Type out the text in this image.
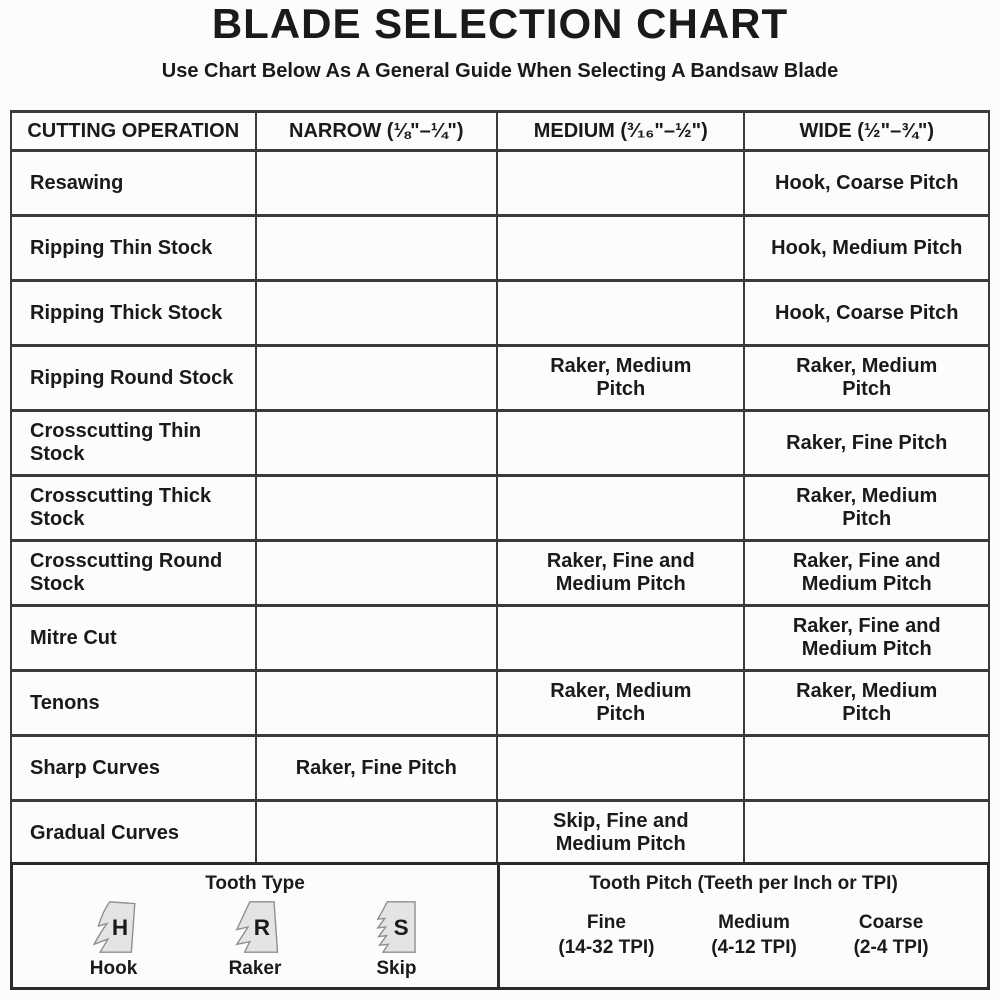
BLADE SELECTION CHART
Use Chart Below As A General Guide When Selecting A Bandsaw Blade
CUTTING OPERATION	NARROW (⅛"–¼")	MEDIUM (³⁄₁₆"–½")	WIDE (½"–¾")
Resawing			Hook, Coarse Pitch
Ripping Thin Stock			Hook, Medium Pitch
Ripping Thick Stock			Hook, Coarse Pitch
Ripping Round Stock		Raker, Medium Pitch	Raker, Medium Pitch
Crosscutting Thin Stock			Raker, Fine Pitch
Crosscutting Thick Stock			Raker, Medium Pitch
Crosscutting Round Stock		Raker, Fine and Medium Pitch	Raker, Fine and Medium Pitch
Mitre Cut			Raker, Fine and Medium Pitch
Tenons		Raker, Medium Pitch	Raker, Medium Pitch
Sharp Curves	Raker, Fine Pitch		
Gradual Curves		Skip, Fine and Medium Pitch	
Tooth Type
H
Hook
R
Raker
S
Skip
Tooth Pitch (Teeth per Inch or TPI)
Fine
(14-32 TPI)
Medium
(4-12 TPI)
Coarse
(2-4 TPI)
